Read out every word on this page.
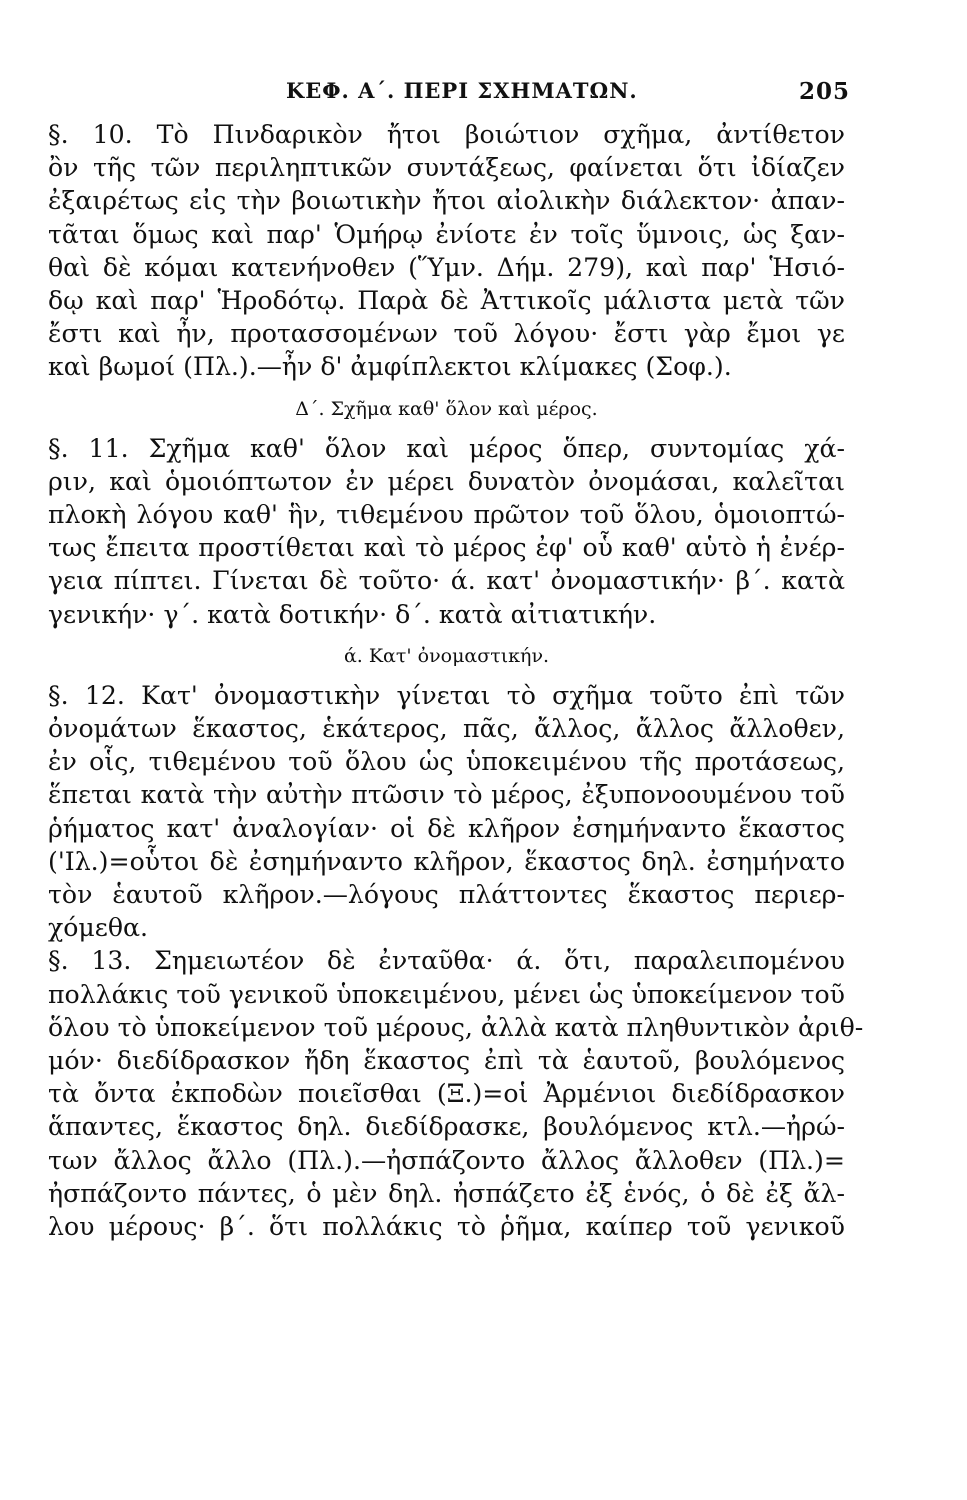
ΚΕΦ. Α΄. ΠΕΡΙ ΣΧΗΜΑΤΩΝ.	205

§. 10. Τὸ Πινδαρικὸν ἤτοι βοιώτιον σχῆμα, ἀντίθετον
ὂν τῆς τῶν περιληπτικῶν συντάξεως, φαίνεται ὅτι ἰδίαζεν
ἐξαιρέτως εἰς τὴν βοιωτικὴν ἤτοι αἰολικὴν διάλεκτον· ἀπαν-
τᾶται ὅμως καὶ παρ' Ὁμήρῳ ἐνίοτε ἐν τοῖς ὕμνοις, ὡς ξαν-
θαὶ δὲ κόμαι κατενήνοθεν (Ὕμν. Δήμ. 279), καὶ παρ' Ἡσιό-
δῳ καὶ παρ' Ἡροδότῳ. Παρὰ δὲ Ἀττικοῖς μάλιστα μετὰ τῶν
ἔστι καὶ ἦν, προτασσομένων τοῦ λόγου· ἔστι γὰρ ἔμοι γε
καὶ βωμοί (Πλ.).—ἦν δ' ἀμφίπλεκτοι κλίμακες (Σοφ.).

Δ΄. Σχῆμα καθ' ὅλον καὶ μέρος.

§. 11. Σχῆμα καθ' ὅλον καὶ μέρος ὅπερ, συντομίας χά-
ριν, καὶ ὁμοιόπτωτον ἐν μέρει δυνατὸν ὀνομάσαι, καλεῖται
πλοκὴ λόγου καθ' ἣν, τιθεμένου πρῶτον τοῦ ὅλου, ὁμοιοπτώ-
τως ἔπειτα προστίθεται καὶ τὸ μέρος ἐφ' οὗ καθ' αὑτὸ ἡ ἐνέρ-
γεια πίπτει. Γίνεται δὲ τοῦτο· ά. κατ' ὀνομαστικήν· β΄. κατὰ
γενικήν· γ΄. κατὰ δοτικήν· δ΄. κατὰ αἰτιατικήν.

ά. Κατ' ὀνομαστικήν.

§. 12. Κατ' ὀνομαστικὴν γίνεται τὸ σχῆμα τοῦτο ἐπὶ τῶν
ὀνομάτων ἕκαστος, ἑκάτερος, πᾶς, ἄλλος, ἄλλος ἄλλοθεν,
ἐν οἷς, τιθεμένου τοῦ ὅλου ὡς ὑποκειμένου τῆς προτάσεως,
ἕπεται κατὰ τὴν αὐτὴν πτῶσιν τὸ μέρος, ἐξυπονοουμένου τοῦ
ῥήματος κατ' ἀναλογίαν· οἱ δὲ κλῆρον ἐσημήναντο ἕκαστος
('Ιλ.)=οὗτοι δὲ ἐσημήναντο κλῆρον, ἕκαστος δηλ. ἐσημήνατο
τὸν ἑαυτοῦ κλῆρον.—λόγους πλάττοντες ἕκαστος περιερ-
χόμεθα.

§. 13. Σημειωτέον δὲ ἐνταῦθα· ά. ὅτι, παραλειπομένου
πολλάκις τοῦ γενικοῦ ὑποκειμένου, μένει ὡς ὑποκείμενον τοῦ
ὅλου τὸ ὑποκείμενον τοῦ μέρους, ἀλλὰ κατὰ πληθυντικὸν ἀριθ-
μόν· διεδίδρασκον ἤδη ἕκαστος ἐπὶ τὰ ἑαυτοῦ, βουλόμενος
τὰ ὄντα ἐκποδὼν ποιεῖσθαι (Ξ.)=οἱ Ἀρμένιοι διεδίδρασκον
ἅπαντες, ἕκαστος δηλ. διεδίδρασκε, βουλόμενος κτλ.—ἠρώ-
των ἄλλος ἄλλο (Πλ.).—ἠσπάζοντο ἄλλος ἄλλοθεν (Πλ.)=
ἠσπάζοντο πάντες, ὁ μὲν δηλ. ἠσπάζετο ἐξ ἑνός, ὁ δὲ ἐξ ἄλ-
λου μέρους· β΄. ὅτι πολλάκις τὸ ῥῆμα, καίπερ τοῦ γενικοῦ
